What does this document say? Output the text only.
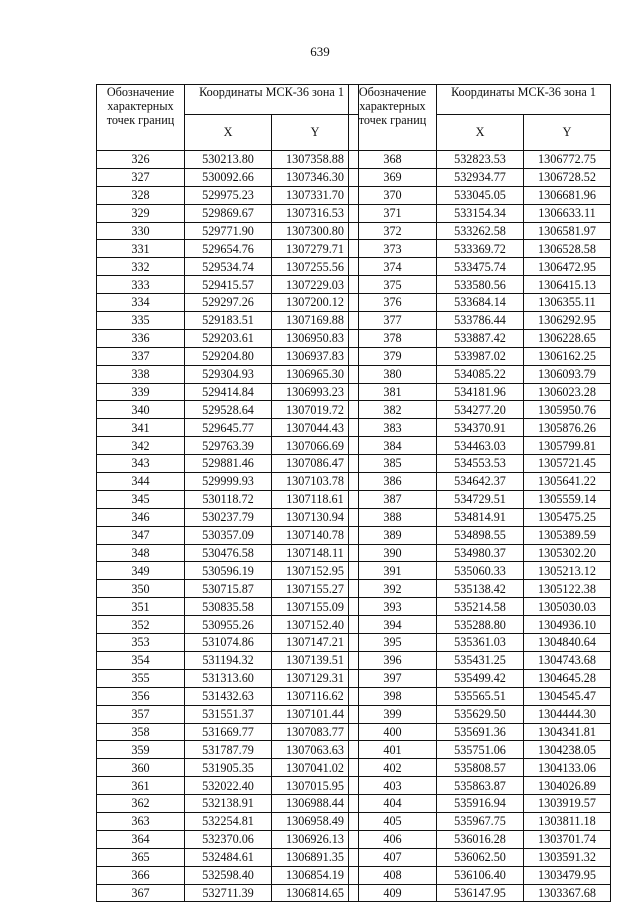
639
Обозначение характерных точек границ	Координаты МСК-36 зона 1	
	X	Y
326	530213.80	1307358.88
327	530092.66	1307346.30
328	529975.23	1307331.70
329	529869.67	1307316.53
330	529771.90	1307300.80
331	529654.76	1307279.71
332	529534.74	1307255.56
333	529415.57	1307229.03
334	529297.26	1307200.12
335	529183.51	1307169.88
336	529203.61	1306950.83
337	529204.80	1306937.83
338	529304.93	1306965.30
339	529414.84	1306993.23
340	529528.64	1307019.72
341	529645.77	1307044.43
342	529763.39	1307066.69
343	529881.46	1307086.47
344	529999.93	1307103.78
345	530118.72	1307118.61
346	530237.79	1307130.94
347	530357.09	1307140.78
348	530476.58	1307148.11
349	530596.19	1307152.95
350	530715.87	1307155.27
351	530835.58	1307155.09
352	530955.26	1307152.40
353	531074.86	1307147.21
354	531194.32	1307139.51
355	531313.60	1307129.31
356	531432.63	1307116.62
357	531551.37	1307101.44
358	531669.77	1307083.77
359	531787.79	1307063.63
360	531905.35	1307041.02
361	532022.40	1307015.95
362	532138.91	1306988.44
363	532254.81	1306958.49
364	532370.06	1306926.13
365	532484.61	1306891.35
366	532598.40	1306854.19
367	532711.39	1306814.65
Обозначение характерных точек границ	Координаты МСК-36 зона 1	
	X	Y
368	532823.53	1306772.75
369	532934.77	1306728.52
370	533045.05	1306681.96
371	533154.34	1306633.11
372	533262.58	1306581.97
373	533369.72	1306528.58
374	533475.74	1306472.95
375	533580.56	1306415.13
376	533684.14	1306355.11
377	533786.44	1306292.95
378	533887.42	1306228.65
379	533987.02	1306162.25
380	534085.22	1306093.79
381	534181.96	1306023.28
382	534277.20	1305950.76
383	534370.91	1305876.26
384	534463.03	1305799.81
385	534553.53	1305721.45
386	534642.37	1305641.22
387	534729.51	1305559.14
388	534814.91	1305475.25
389	534898.55	1305389.59
390	534980.37	1305302.20
391	535060.33	1305213.12
392	535138.42	1305122.38
393	535214.58	1305030.03
394	535288.80	1304936.10
395	535361.03	1304840.64
396	535431.25	1304743.68
397	535499.42	1304645.28
398	535565.51	1304545.47
399	535629.50	1304444.30
400	535691.36	1304341.81
401	535751.06	1304238.05
402	535808.57	1304133.06
403	535863.87	1304026.89
404	535916.94	1303919.57
405	535967.75	1303811.18
406	536016.28	1303701.74
407	536062.50	1303591.32
408	536106.40	1303479.95
409	536147.95	1303367.68
